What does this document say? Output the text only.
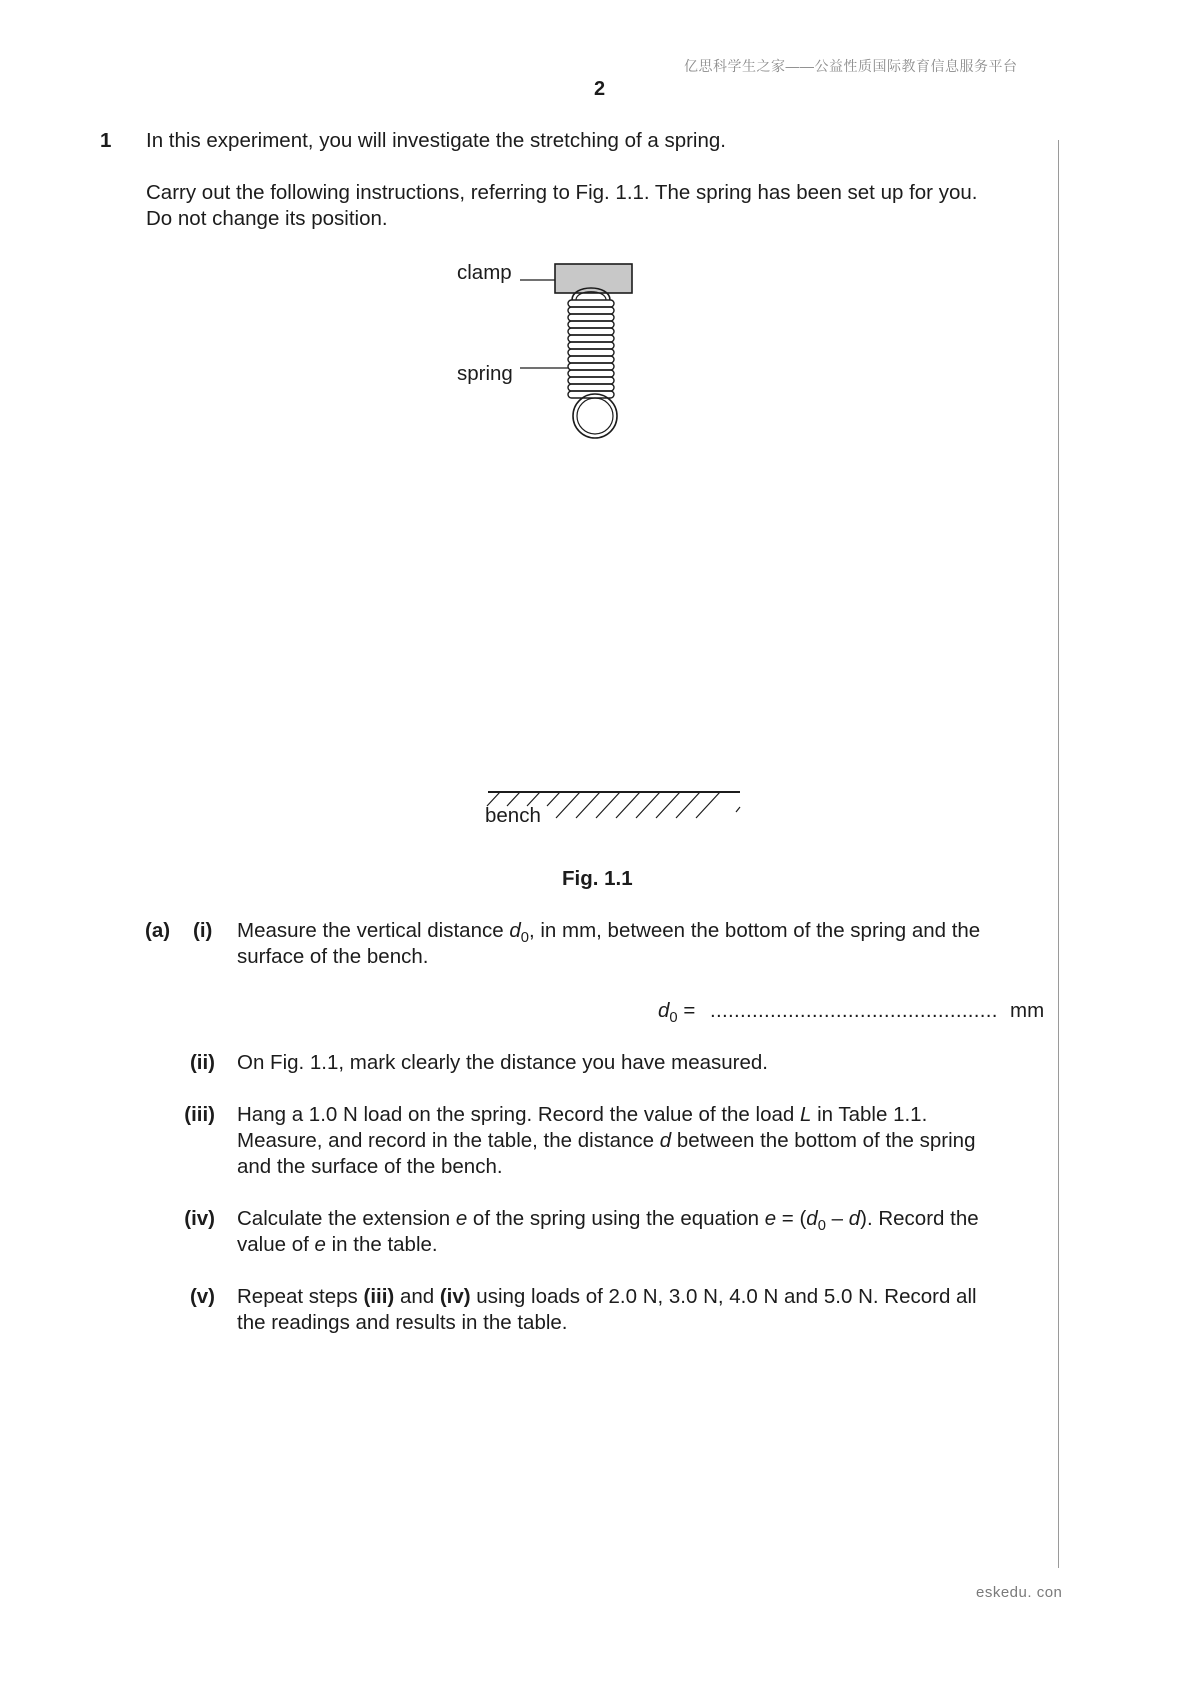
亿思科学生之家——公益性质国际教育信息服务平台
2
1 In this experiment, you will investigate the stretching of a spring.
Carry out the following instructions, referring to Fig. 1.1. The spring has been set up for you.
Do not change its position.
clamp
spring
bench
Fig. 1.1
(a) (i) Measure the vertical distance $d_0$, in mm, between the bottom of the spring and the
surface of the bench.
$d_0$ = ................................................ mm
(ii) On Fig. 1.1, mark clearly the distance you have measured.
(iii) Hang a 1.0 N load on the spring. Record the value of the load L in Table 1.1.
Measure, and record in the table, the distance d between the bottom of the spring
and the surface of the bench.
(iv) Calculate the extension e of the spring using the equation $e = (d_0 - d)$. Record the
value of e in the table.
(v) Repeat steps (iii) and (iv) using loads of 2.0 N, 3.0 N, 4.0 N and 5.0 N. Record all
the readings and results in the table.
eskedu. con
